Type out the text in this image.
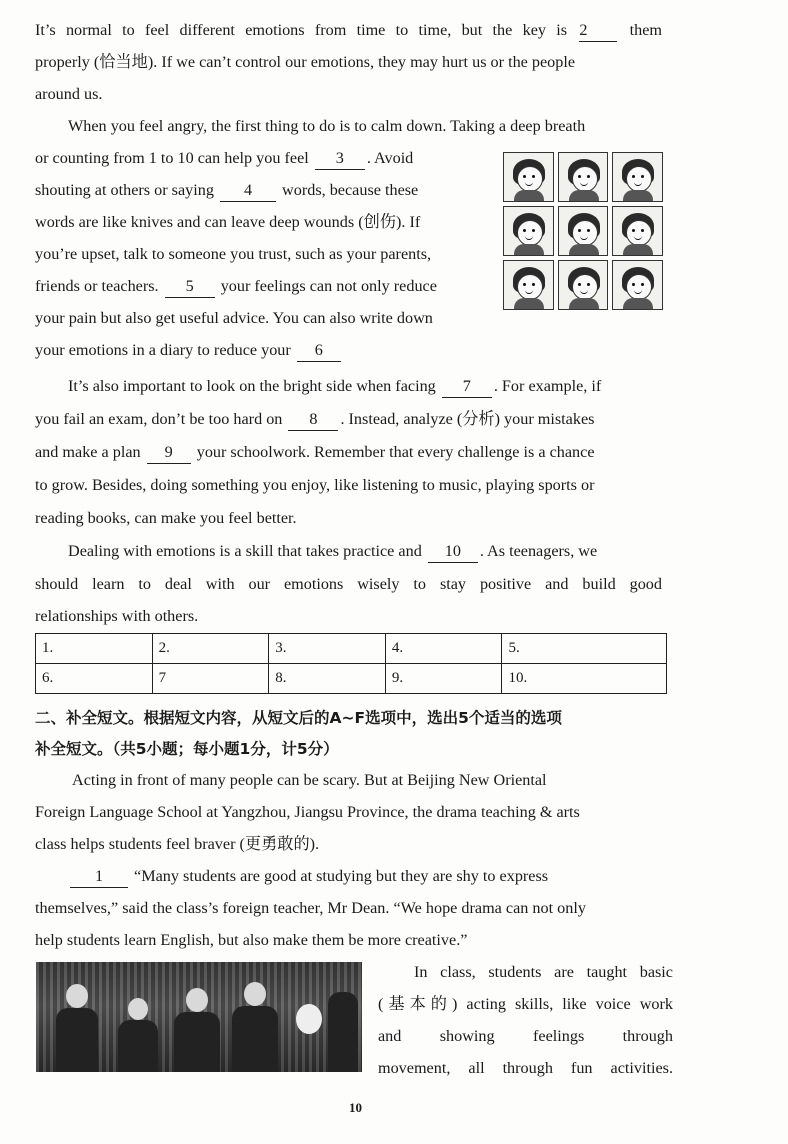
It’s normal to feel different emotions from time to time, but the key is 2	them
properly (恰当地). If we can’t control our emotions, they may hurt us or the people
around us.
When you feel angry, the first thing to do is to calm down. Taking a deep breath
or counting from 1 to 10 can help you feel 3 . Avoid
shouting at others or saying 4 words, because these
words are like knives and can leave deep wounds (创伤). If
you’re upset, talk to someone you trust, such as your parents,
friends or teachers. 5 your feelings can not only reduce
your pain but also get useful advice. You can also write down
your emotions in a diary to reduce your 6
It’s also important to look on the bright side when facing 7 . For example, if
you fail an exam, don’t be too hard on 8 . Instead, analyze (分析) your mistakes
and make a plan 9 your schoolwork. Remember that every challenge is a chance
to grow. Besides, doing something you enjoy, like listening to music, playing sports or
reading books, can make you feel better.
Dealing with emotions is a skill that takes practice and 10 . As teenagers, we
should learn to deal with our emotions wisely to stay positive and build good
relationships with others.
1.	2.	3.	4.	5.
6.	7	8.	9.	10.
二、补全短文。根据短文内容，从短文后的A~F选项中，选出5个适当的选项
补全短文。（共5小题；每小题1分，计5分）
Acting in front of many people can be scary. But at Beijing New Oriental
Foreign Language School at Yangzhou, Jiangsu Province, the drama teaching & arts
class helps students feel braver (更勇敢的).
1 “Many students are good at studying but they are shy to express
themselves,” said the class’s foreign teacher, Mr Dean. “We hope drama can not only
help students learn English, but also make them be more creative.”
In class, students are taught basic
(基本的) acting skills, like voice work
and showing feelings through
movement, all through fun activities.
10
